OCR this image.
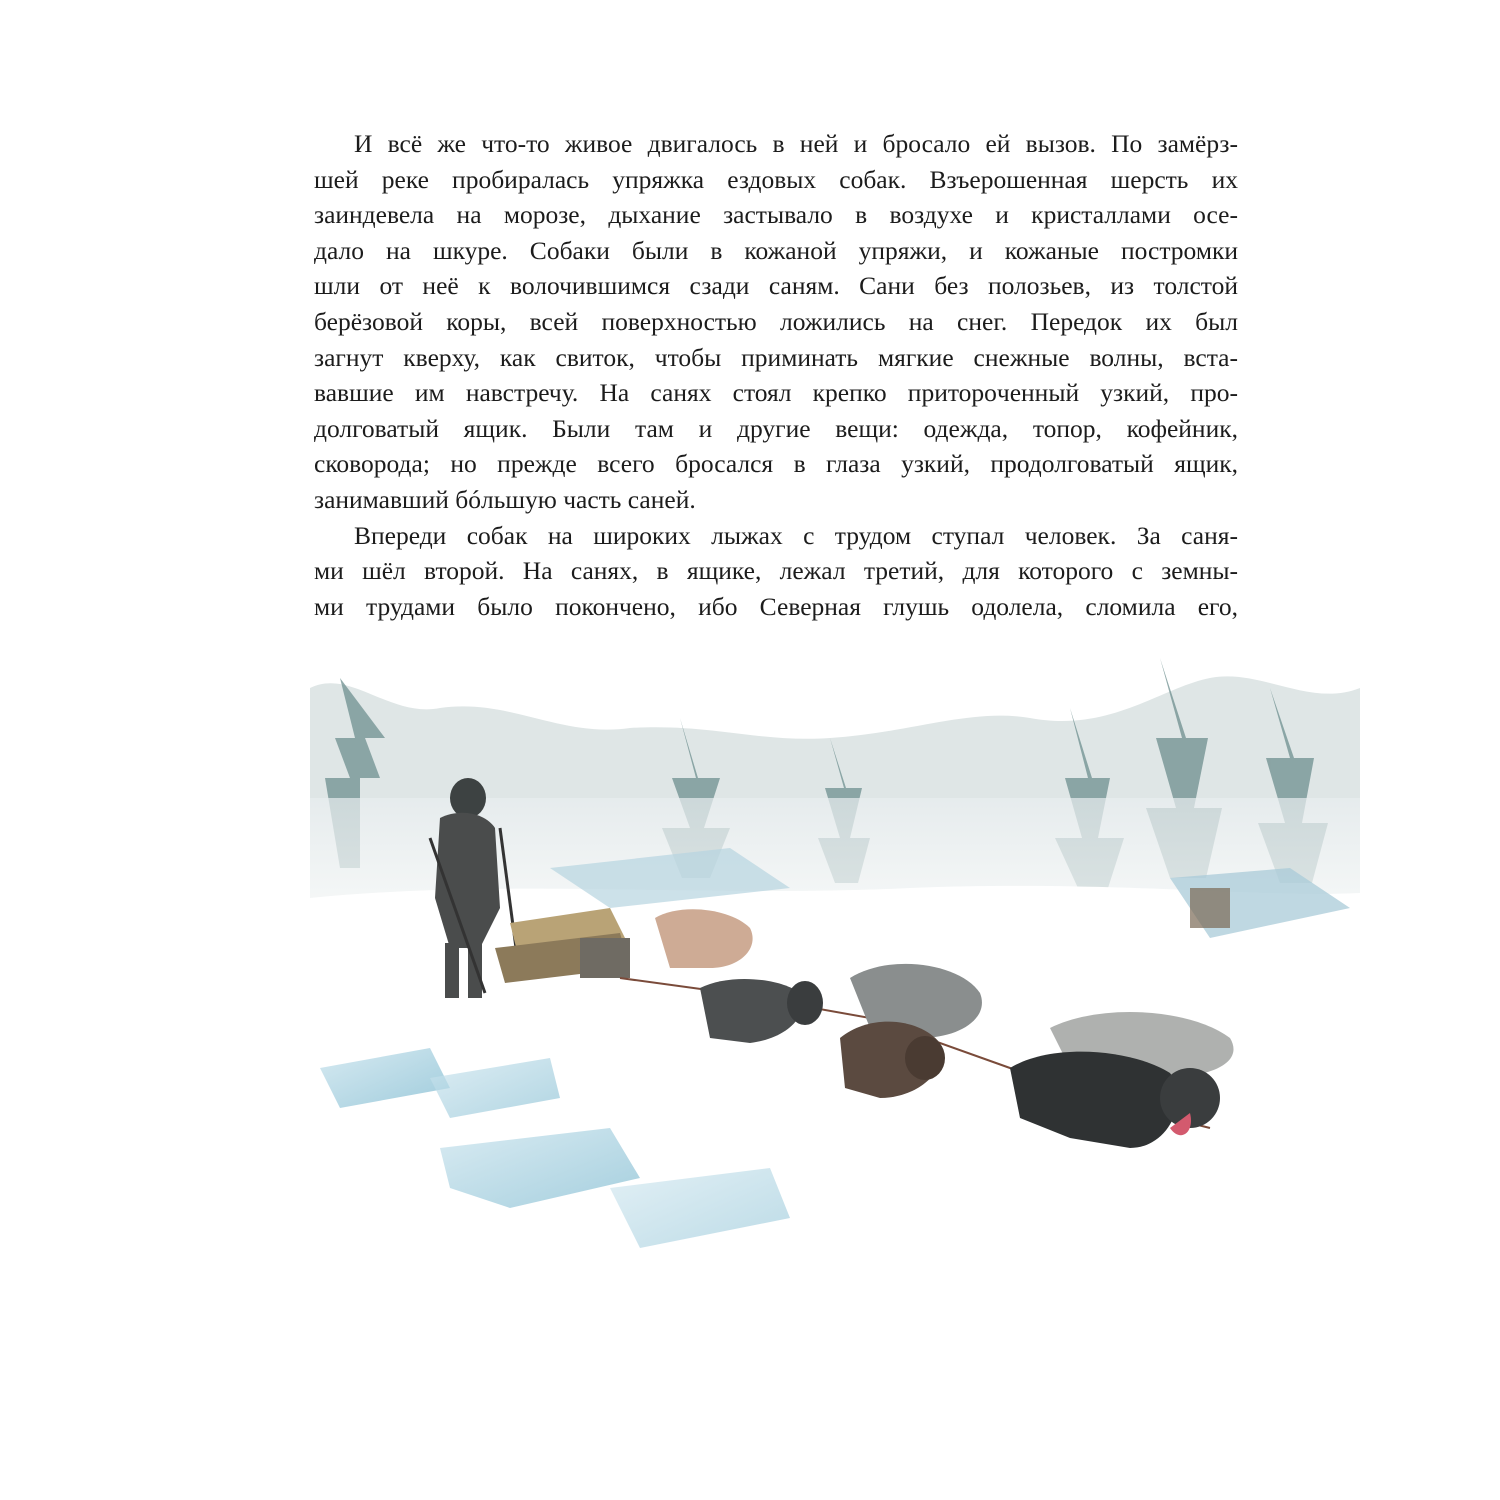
И всё же что-то живое двигалось в ней и бросало ей вызов. По замёрз-
шей реке пробиралась упряжка ездовых собак. Взъерошенная шерсть их
заиндевела на морозе, дыхание застывало в воздухе и кристаллами осе-
дало на шкуре. Собаки были в кожаной упряжи, и кожаные постромки
шли от неё к волочившимся сзади саням. Сани без полозьев, из толстой
берёзовой коры, всей поверхностью ложились на снег. Передок их был
загнут кверху, как свиток, чтобы приминать мягкие снежные волны, вста-
вавшие им навстречу. На санях стоял крепко приторoченный узкий, про-
долговатый ящик. Были там и другие вещи: одежда, топор, кофейник,
сковорода; но прежде всего бросался в глаза узкий, продолговатый ящик,
занимавший бóльшую часть саней.
Впереди собак на широких лыжах с трудом ступал человек. За саня-
ми шёл второй. На санях, в ящике, лежал третий, для которого с земны-
ми трудами было покончено, ибо Северная глушь одолела, сломила его,
